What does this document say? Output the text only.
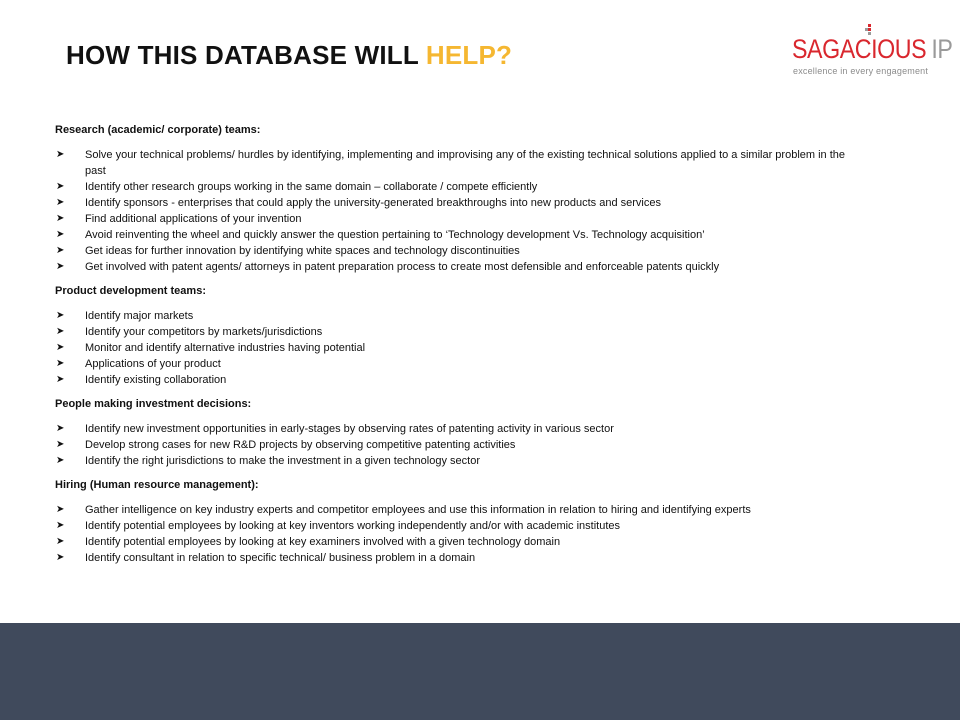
HOW THIS DATABASE WILL HELP?	SAGACIOUS IP
excellence in every engagement
Research (academic/ corporate) teams:
➤ Solve your technical problems/ hurdles by identifying, implementing and improvising any of the existing technical solutions applied to a similar problem in the past
➤ Identify other research groups working in the same domain – collaborate / compete efficiently
➤ Identify sponsors - enterprises that could apply the university-generated breakthroughs into new products and services
➤ Find additional applications of your invention
➤ Avoid reinventing the wheel and quickly answer the question pertaining to ‘Technology development Vs. Technology acquisition’
➤ Get ideas for further innovation by identifying white spaces and technology discontinuities
➤ Get involved with patent agents/ attorneys in patent preparation process to create most defensible and enforceable patents quickly
Product development teams:
➤ Identify major markets
➤ Identify your competitors by markets/jurisdictions
➤ Monitor and identify alternative industries having potential
➤ Applications of your product
➤ Identify existing collaboration
People making investment decisions:
➤ Identify new investment opportunities in early-stages by observing rates of patenting activity in various sector
➤ Develop strong cases for new R&D projects by observing competitive patenting activities
➤ Identify the right jurisdictions to make the investment in a given technology sector
Hiring (Human resource management):
➤ Gather intelligence on key industry experts and competitor employees and use this information in relation to hiring and identifying experts
➤ Identify potential employees by looking at key inventors working independently and/or with academic institutes
➤ Identify potential employees by looking at key examiners involved with a given technology domain
➤ Identify consultant in relation to specific technical/ business problem in a domain
